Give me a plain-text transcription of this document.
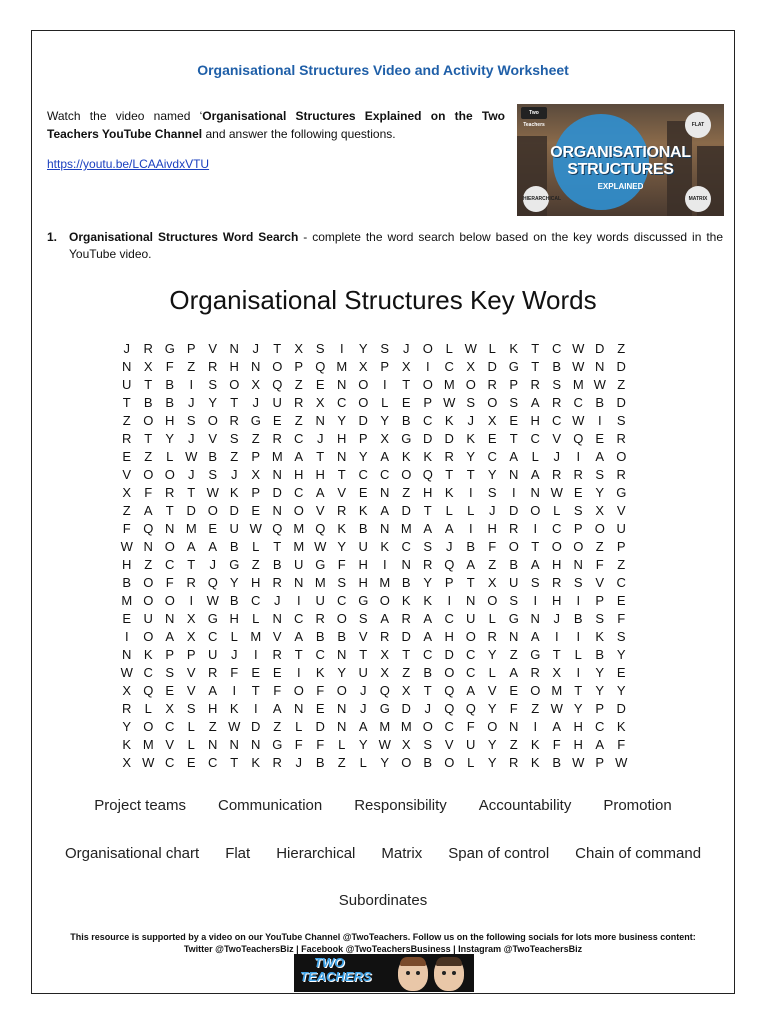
Organisational Structures Video and Activity Worksheet
Watch the video named ‘Organisational Structures Explained on the Two Teachers YouTube Channel and answer the following questions.
https://youtu.be/LCAAivdxVTU
Two Teachers	FLAT
HIERARCHICAL	MATRIX
ORGANISATIONAL
STRUCTURES
EXPLAINED
1. Organisational Structures Word Search - complete the word search below based on the key words discussed in the YouTube video.
Organisational Structures Key Words
J	R G P V N	J	T	X S	I	Y S	J	O L W L	K	T C W D Z
N X	F	Z R H N O P Q M X P X	I	C X D G T	B W N D
U T	B	I	S O X Q Z	E N O	I	T O M O R P R S M W Z
T	B B	J	Y	T	J	U R X C O L	E P W S O S A R C B D
Z O H S O R G E	Z N Y D Y B C K	J	X E H C W	I	S
R T	Y	J	V S	Z R C	J	H P X G D D K E	T C V Q E R
E	Z	L W B	Z	P M A	T N Y A K K R Y C A	L	J	I	A O
V O O	J	S	J	X N H H T C C O Q T	T	Y N A R R S R
X	F R T W K P D C A V E N Z H K	I	S	I	N W E Y G
Z	A	T D O D E N O V R K A D T	L	L	J	D O L	S X V
F Q N M E U W Q M Q K B N M A A	I	H R	I	C P O U
W N O A A B	L	T M W Y U K C S	J	B	F O T O O Z	P
H Z C T	J	G Z	B U G F H	I	N R Q A	Z	B A H N F	Z
B O F R Q Y H R N M S H M B Y P	T	X U S R S V C
M O O	I	W B C	J	I	U C G O K K	I	N O S	I	H	I	P E
E U N X G H	L	N C R O S A R A C U	L G N	J	B S	F
I	O A X C	L M V A B B V R D A H O R N A	I	I	K S
N K P P U	J	I	R T C N T	X	T C D C Y	Z G T	L	B Y
W C S V R F	E E	I	K Y U X	Z	B O C	L	A R X	I	Y E
X Q E V A	I	T	F O F O	J	Q X	T Q A V E O M T	Y Y
R	L	X S H K	I	A N E N	J	G D	J	Q Q Y	F	Z W Y P D
Y O C	L	Z W D Z	L	D N A M M O C F O N	I	A H C K
K M V	L	N N N G F	F	L	Y W X S V U Y	Z	K	F H A	F
X W C E C T	K R	J	B	Z	L	Y O B O L	Y R K B W P W
Project teams Communication Responsibility Accountability Promotion
Organisational chart Flat Hierarchical Matrix Span of control Chain of command
Subordinates
This resource is supported by a video on our YouTube Channel @TwoTeachers. Follow us on the following socials for lots more business content:
Twitter @TwoTeachersBiz | Facebook @TwoTeachersBusiness | Instagram @TwoTeachersBiz
TWO
TEACHERS
